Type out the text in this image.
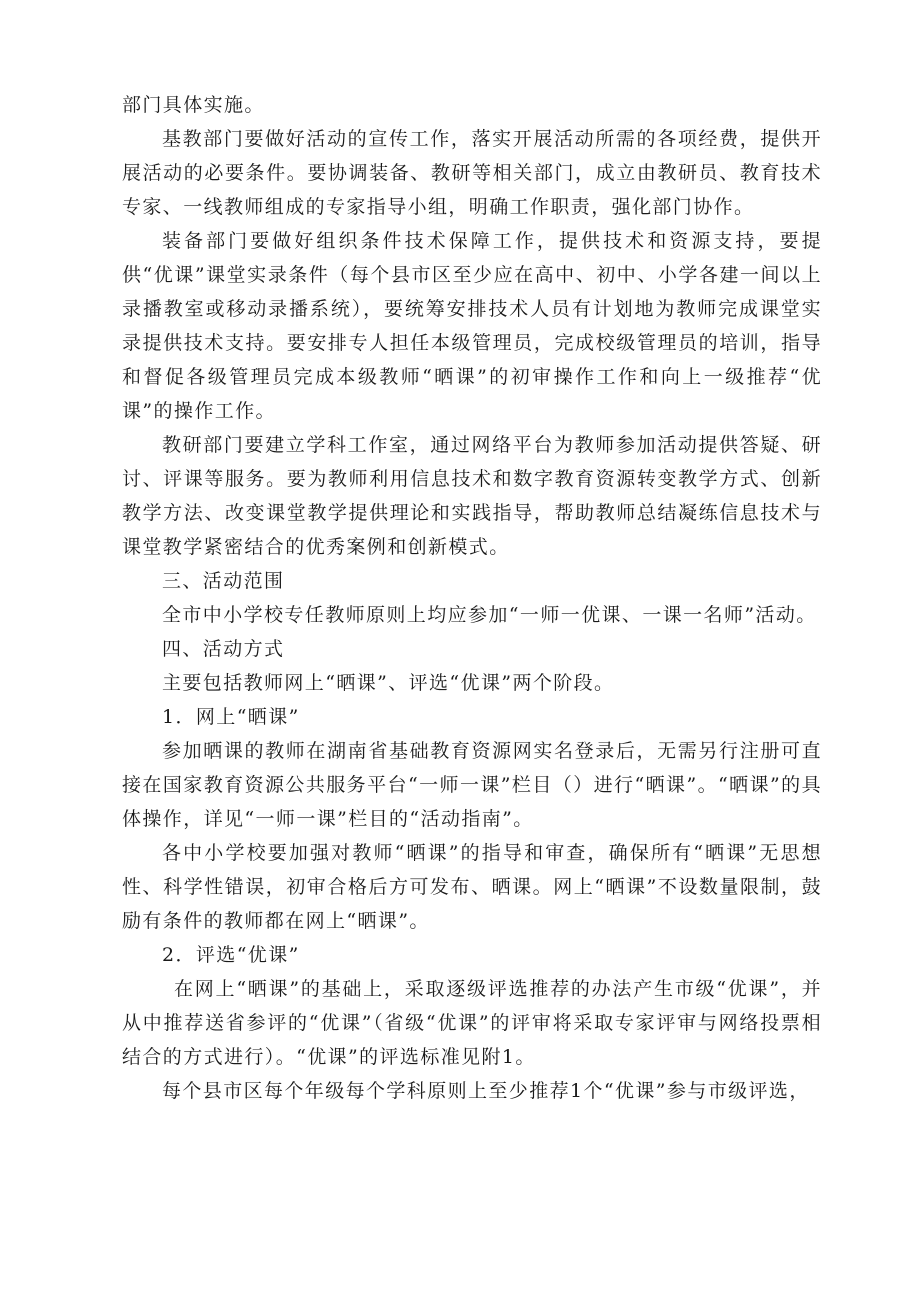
部门具体实施。

基教部门要做好活动的宣传工作，落实开展活动所需的各项经费，提供开展活动的必要条件。要协调装备、教研等相关部门，成立由教研员、教育技术专家、一线教师组成的专家指导小组，明确工作职责，强化部门协作。

装备部门要做好组织条件技术保障工作，提供技术和资源支持，要提供“优课”课堂实录条件（每个县市区至少应在高中、初中、小学各建一间以上录播教室或移动录播系统），要统筹安排技术人员有计划地为教师完成课堂实录提供技术支持。要安排专人担任本级管理员，完成校级管理员的培训，指导和督促各级管理员完成本级教师“晒课”的初审操作工作和向上一级推荐“优课”的操作工作。

教研部门要建立学科工作室，通过网络平台为教师参加活动提供答疑、研讨、评课等服务。要为教师利用信息技术和数字教育资源转变教学方式、创新教学方法、改变课堂教学提供理论和实践指导，帮助教师总结凝练信息技术与课堂教学紧密结合的优秀案例和创新模式。

三、活动范围

全市中小学校专任教师原则上均应参加“一师一优课、一课一名师”活动。

四、活动方式

主要包括教师网上“晒课”、评选“优课”两个阶段。

1．网上“晒课”

参加晒课的教师在湖南省基础教育资源网实名登录后，无需另行注册可直接在国家教育资源公共服务平台“一师一课”栏目（）进行“晒课”。“晒课”的具体操作，详见“一师一课”栏目的“活动指南”。

各中小学校要加强对教师“晒课”的指导和审查，确保所有“晒课”无思想性、科学性错误，初审合格后方可发布、晒课。网上“晒课”不设数量限制，鼓励有条件的教师都在网上“晒课”。

2．评选“优课”

在网上“晒课”的基础上，采取逐级评选推荐的办法产生市级“优课”，并从中推荐送省参评的“优课”（省级“优课”的评审将采取专家评审与网络投票相结合的方式进行）。“优课”的评选标准见附1。

每个县市区每个年级每个学科原则上至少推荐1个“优课”参与市级评选，
